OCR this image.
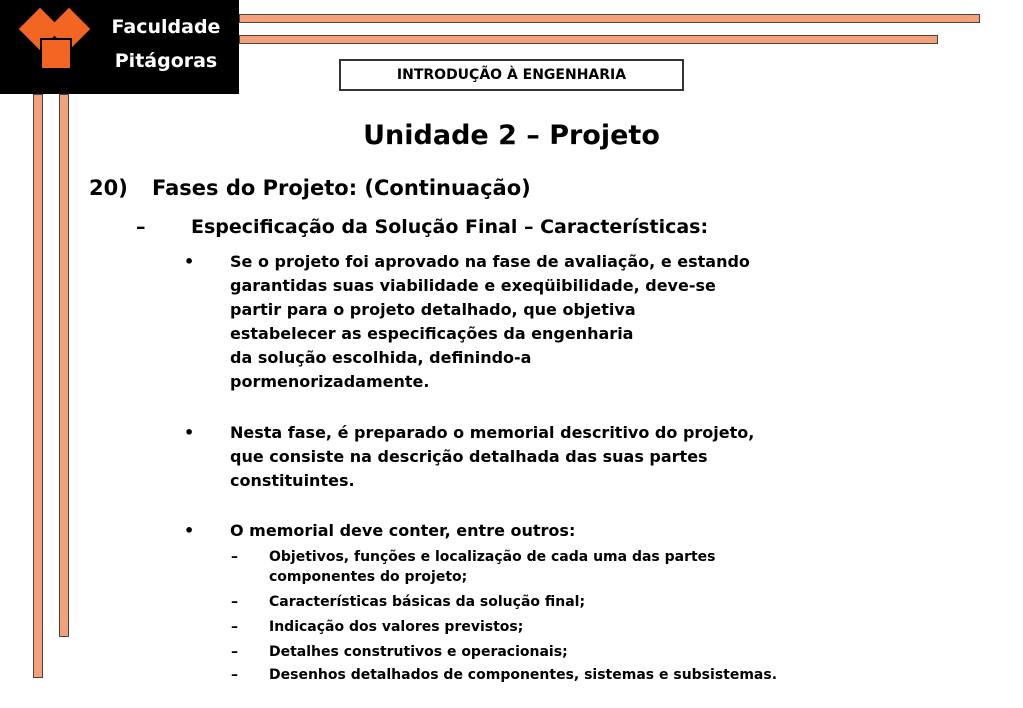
Faculdade
Pitágoras
INTRODUÇÃO À ENGENHARIA
Unidade 2 – Projeto
20) Fases do Projeto: (Continuação)
– Especificação da Solução Final – Características:
• Se o projeto foi aprovado na fase de avaliação, e estando
garantidas suas viabilidade e exeqüibilidade, deve-se
partir para o projeto detalhado, que objetiva
estabelecer as especificações da engenharia
da solução escolhida, definindo-a
pormenorizadamente.
• Nesta fase, é preparado o memorial descritivo do projeto,
que consiste na descrição detalhada das suas partes
constituintes.
• O memorial deve conter, entre outros:
– Objetivos, funções e localização de cada uma das partes
componentes do projeto;
– Características básicas da solução final;
– Indicação dos valores previstos;
– Detalhes construtivos e operacionais;
– Desenhos detalhados de componentes, sistemas e subsistemas.
